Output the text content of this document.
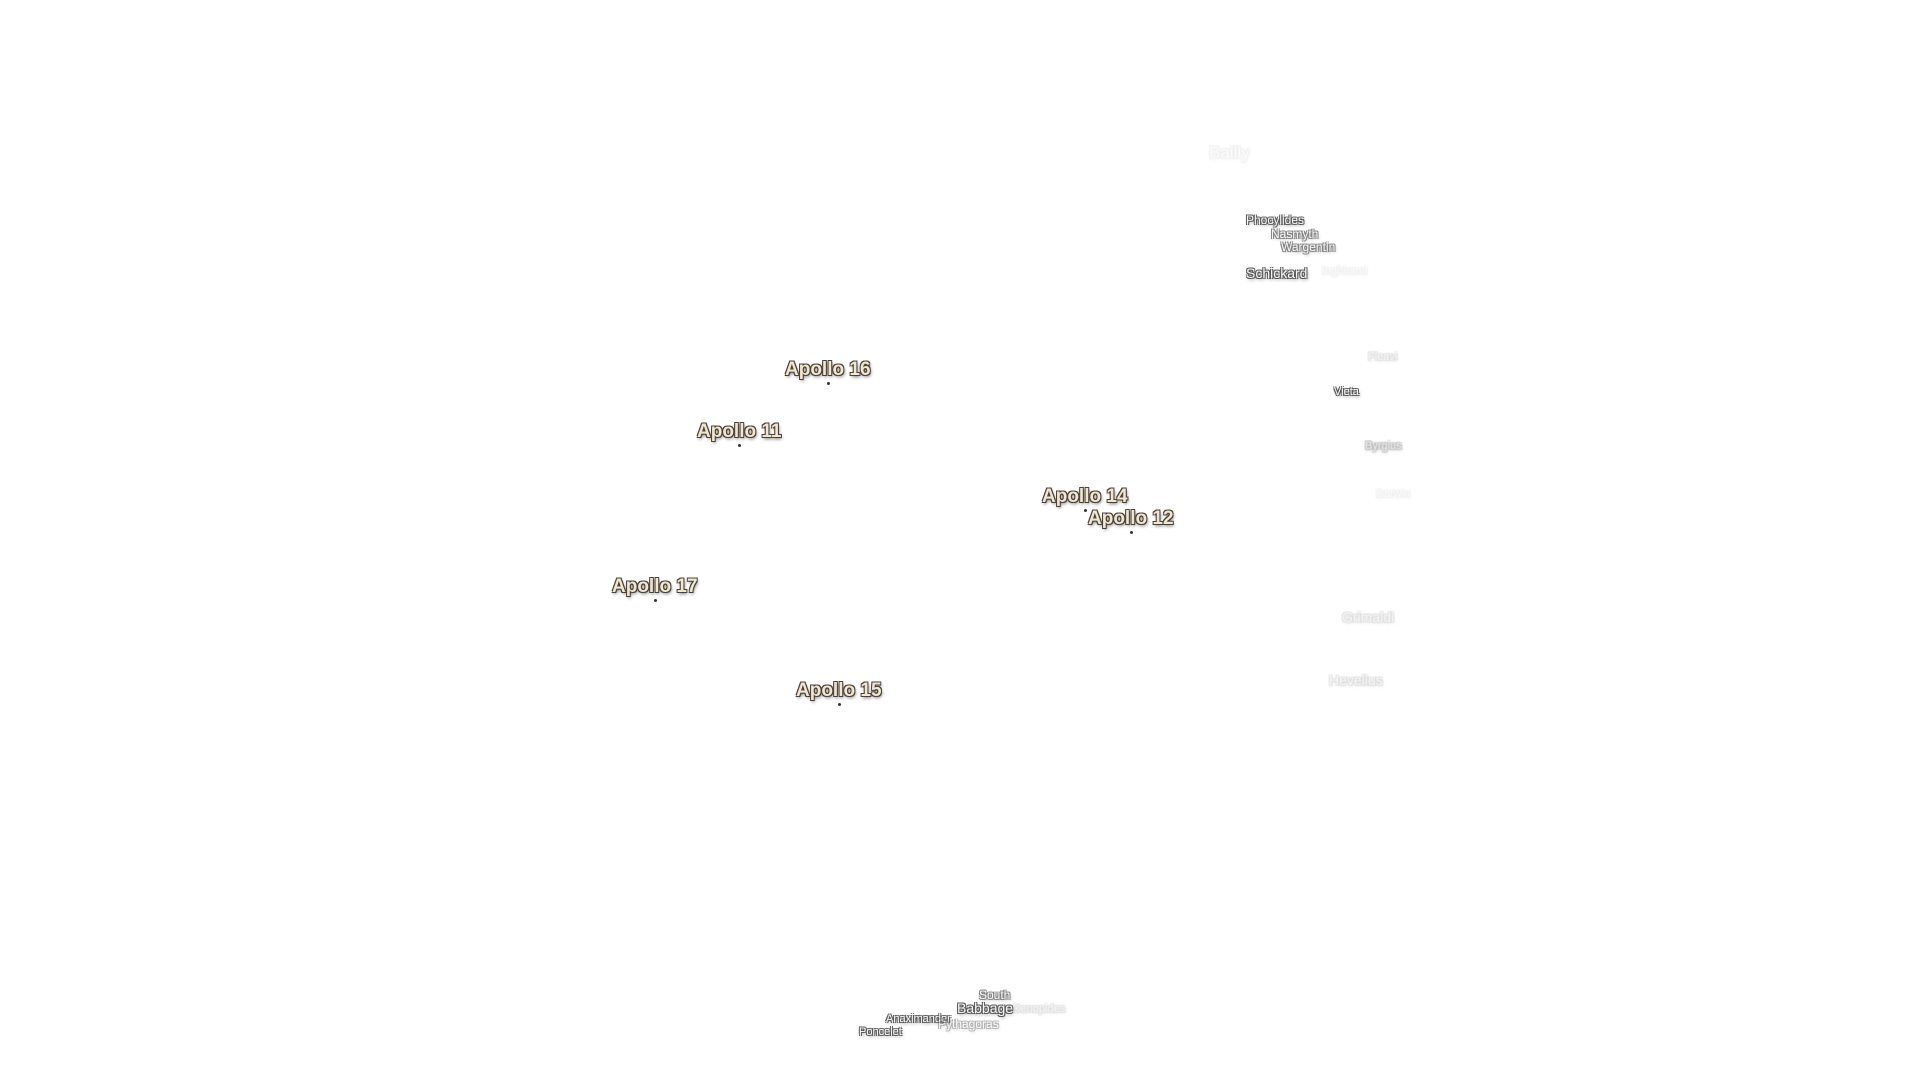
Apollo 16
Apollo 11
Apollo 14
Apollo 12
Apollo 17
Apollo 15
Bailly
Phocylides
Nasmyth
Wargentin
Schickard Inghirami
Fleavi
Vieta
Byrgius
Darwin
Grimaldi
Hevelius
South
Babbage
Oenopides
Anaximander
Pythagoras
Poncelet
